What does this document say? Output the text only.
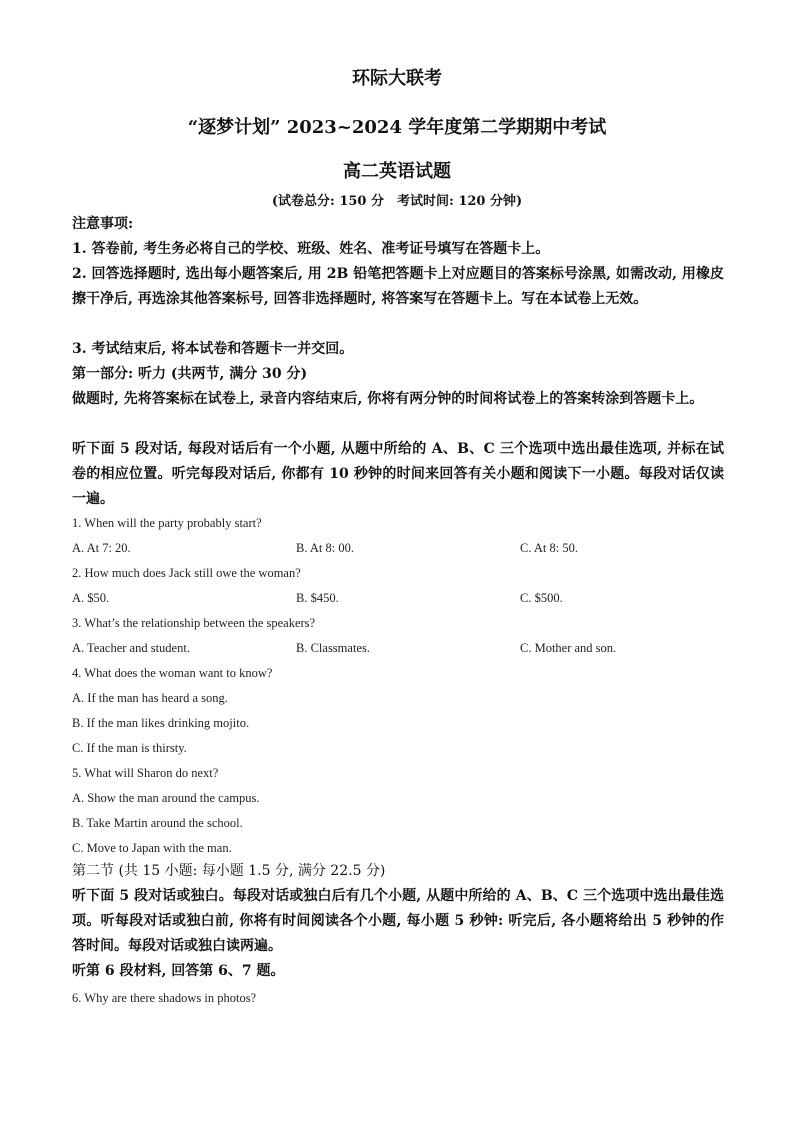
环际大联考
“逐梦计划” 2023~2024 学年度第二学期期中考试
高二英语试题
(试卷总分: 150 分　考试时间: 120 分钟)
注意事项:
1. 答卷前, 考生务必将自己的学校、班级、姓名、准考证号填写在答题卡上。
2. 回答选择题时, 选出每小题答案后, 用 2B 铅笔把答题卡上对应题目的答案标号涂黑, 如需改动, 用橡皮擦干净后, 再选涂其他答案标号, 回答非选择题时, 将答案写在答题卡上。写在本试卷上无效。
3. 考试结束后, 将本试卷和答题卡一并交回。
第一部分: 听力 (共两节, 满分 30 分)
做题时, 先将答案标在试卷上, 录音内容结束后, 你将有两分钟的时间将试卷上的答案转涂到答题卡上。
听下面 5 段对话, 每段对话后有一个小题, 从题中所给的 A、B、C 三个选项中选出最佳选项, 并标在试卷的相应位置。听完每段对话后, 你都有 10 秒钟的时间来回答有关小题和阅读下一小题。每段对话仅读一遍。
1. When will the party probably start?
A. At 7: 20.	B. At 8: 00.	C. At 8: 50.
2. How much does Jack still owe the woman?
A. $50.	B. $450.	C. $500.
3. What’s the relationship between the speakers?
A. Teacher and student.	B. Classmates.	C. Mother and son.
4. What does the woman want to know?
A. If the man has heard a song.
B. If the man likes drinking mojito.
C. If the man is thirsty.
5. What will Sharon do next?
A. Show the man around the campus.
B. Take Martin around the school.
C. Move to Japan with the man.
第二节 (共 15 小题: 每小题 1.5 分, 满分 22.5 分)
听下面 5 段对话或独白。每段对话或独白后有几个小题, 从题中所给的 A、B、C 三个选项中选出最佳选项。听每段对话或独白前, 你将有时间阅读各个小题, 每小题 5 秒钟: 听完后, 各小题将给出 5 秒钟的作答时间。每段对话或独白读两遍。
听第 6 段材料, 回答第 6、7 题。
6. Why are there shadows in photos?
